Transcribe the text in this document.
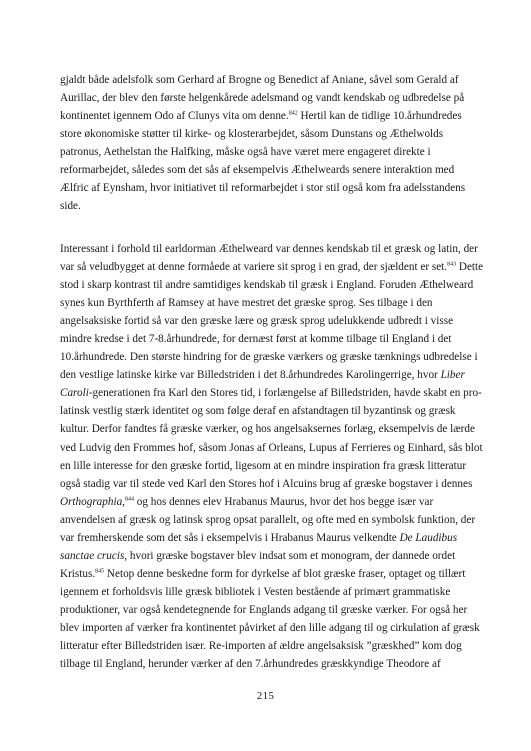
gjaldt både adelsfolk som Gerhard af Brogne og Benedict af Aniane, såvel som Gerald af
Aurillac, der blev den første helgenkårede adelsmand og vandt kendskab og udbredelse på
kontinentet igennem Odo af Clunys vita om denne.$^{842}$ Hertil kan de tidlige 10.århundredes
store økonomiske støtter til kirke- og klosterarbejdet, såsom Dunstans og Æthelwolds
patronus, Aethelstan the Halfking, måske også have været mere engageret direkte i
reformarbejdet, således som det sås af eksempelvis Æthelweards senere interaktion med
Ælfric af Eynsham, hvor initiativet til reformarbejdet i stor stil også kom fra adelsstandens
side.
Interessant i forhold til earldorman Æthelweard var dennes kendskab til et græsk og latin, der
var så veludbygget at denne formåede at variere sit sprog i en grad, der sjældent er set.$^{843}$ Dette
stod i skarp kontrast til andre samtidiges kendskab til græsk i England. Foruden Æthelweard
synes kun Byrthferth af Ramsey at have mestret det græske sprog. Ses tilbage i den
angelsaksiske fortid så var den græske lære og græsk sprog udelukkende udbredt i visse
mindre kredse i det 7-8.århundrede, for dernæst først at komme tilbage til England i det
10.århundrede. Den største hindring for de græske værkers og græske tænknings udbredelse i
den vestlige latinske kirke var Billedstriden i det 8.århundredes Karolingerrige, hvor Liber
Caroli-generationen fra Karl den Stores tid, i forlængelse af Billedstriden, havde skabt en pro-
latinsk vestlig stærk identitet og som følge deraf en afstandtagen til byzantinsk og græsk
kultur. Derfor fandtes få græske værker, og hos angelsaksernes forlæg, eksempelvis de lærde
ved Ludvig den Frommes hof, såsom Jonas af Orleans, Lupus af Ferrieres og Einhard, sås blot
en lille interesse for den græske fortid, ligesom at en mindre inspiration fra græsk litteratur
også stadig var til stede ved Karl den Stores hof i Alcuins brug af græske bogstaver i dennes
Orthographia,$^{844}$ og hos dennes elev Hrabanus Maurus, hvor det hos begge især var
anvendelsen af græsk og latinsk sprog opsat parallelt, og ofte med en symbolsk funktion, der
var fremherskende som det sås i eksempelvis i Hrabanus Maurus velkendte De Laudibus
sanctae crucis, hvori græske bogstaver blev indsat som et monogram, der dannede ordet
Kristus.$^{845}$ Netop denne beskedne form for dyrkelse af blot græske fraser, optaget og tillært
igennem et forholdsvis lille græsk bibliotek i Vesten bestående af primært grammatiske
produktioner, var også kendetegnende for Englands adgang til græske værker. For også her
blev importen af værker fra kontinentet påvirket af den lille adgang til og cirkulation af græsk
litteratur efter Billedstriden især. Re-importen af ældre angelsaksisk ”græskhed” kom dog
tilbage til England, herunder værker af den 7.århundredes græskkyndige Theodore af
215
